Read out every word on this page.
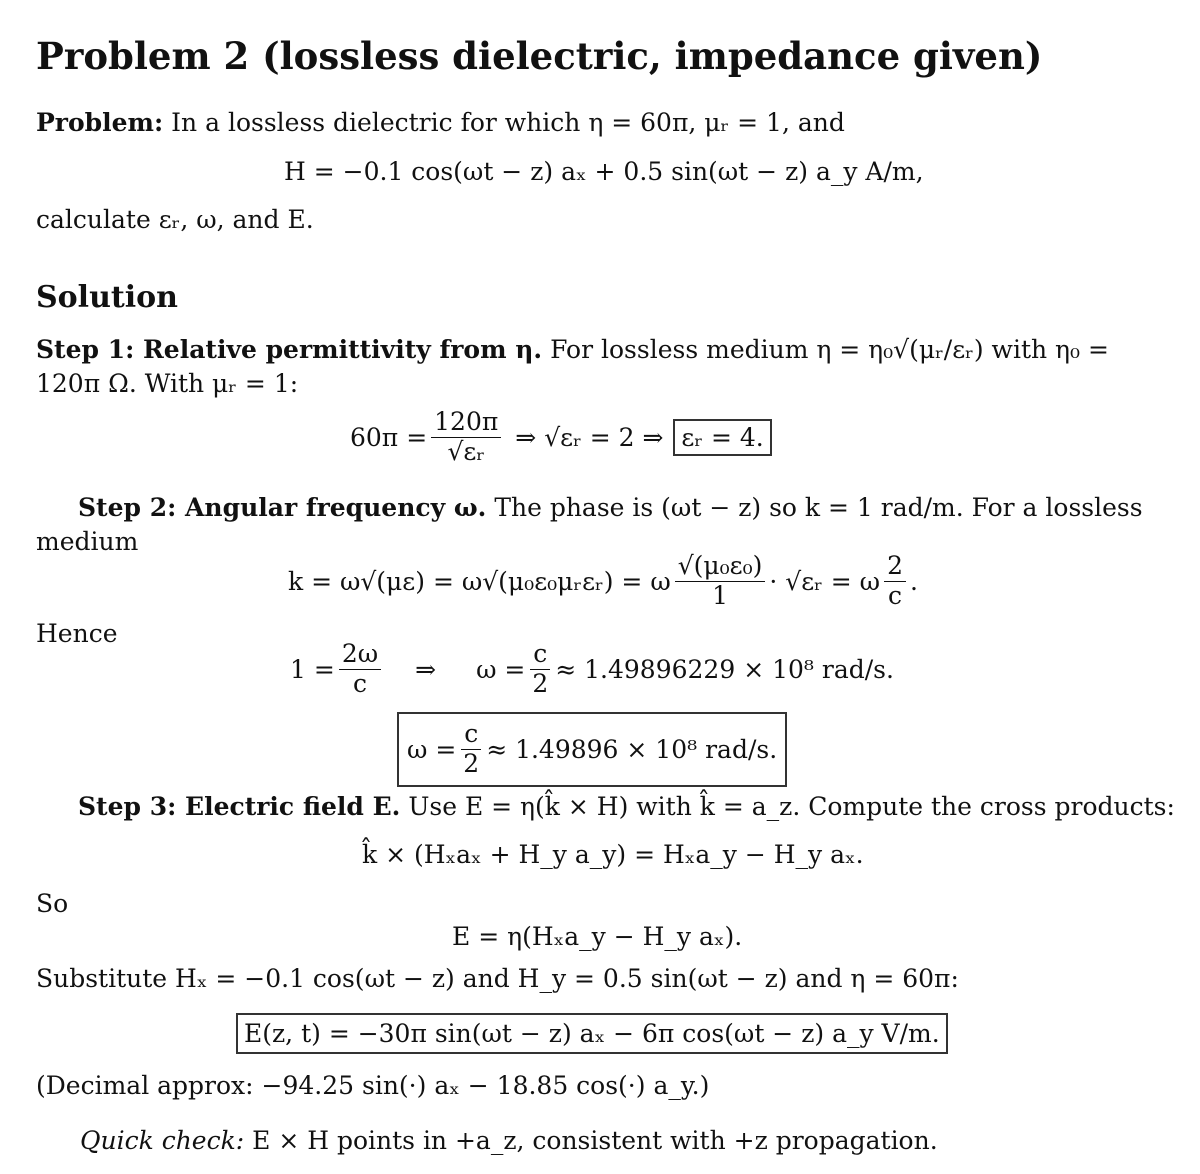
Problem 2 (lossless dielectric, impedance given)
Problem: In a lossless dielectric for which η = 60π, μᵣ = 1, and
H = −0.1 cos(ωt − z) aₓ + 0.5 sin(ωt − z) a_y A/m,
calculate εᵣ, ω, and E.
Solution
Step 1: Relative permittivity from η. For lossless medium η = η₀√(μᵣ/εᵣ) with η₀ =
120π Ω. With μᵣ = 1:
$60\pi = \frac{120\pi}{\text{√εᵣ}}$ ⇒ √εᵣ = 2 ⇒ εᵣ = 4.
Step 2: Angular frequency ω. The phase is (ωt − z) so k = 1 rad/m. For a lossless
medium
k = ω√(με) = ω√(μ₀ε₀μᵣεᵣ) = ω $\frac{\text{√(μ₀ε₀)}}{1}$ · √εᵣ = ω $\frac{2}{c}$ .
Hence
$1 = \frac{2\omega}{c}$ ⇒ $\omega = \frac{c}{2} \approx 1.49896229 \times 10^8$ rad/s.
$\omega = \frac{c}{2} \approx 1.49896 \times 10^8$ rad/s.
Step 3: Electric field E. Use E = η(k̂ × H) with k̂ = a_z. Compute the cross products:
k̂ × (Hₓaₓ + H_y a_y) = Hₓa_y − H_y aₓ.
So
E = η(Hₓa_y − H_y aₓ).
Substitute Hₓ = −0.1 cos(ωt − z) and H_y = 0.5 sin(ωt − z) and η = 60π:
E(z, t) = −30π sin(ωt − z) aₓ − 6π cos(ωt − z) a_y V/m.
(Decimal approx: −94.25 sin(·) aₓ − 18.85 cos(·) a_y.)
Quick check: E × H points in +a_z, consistent with +z propagation.
